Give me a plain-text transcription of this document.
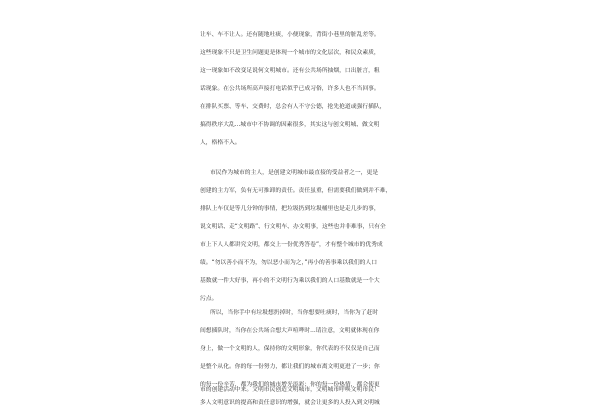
让车、车不让人。还有随地吐痰，小便现象，背街小巷里的脏乱差等。
这些现象不只是卫生问题更是体现一个城市的文化层次，和民众素质，
这一现象如不改变足说何文明城市。还有公共场所抽烟，口出脏言，粗
话现象。在公共场所高声接打电话似乎已成习俗，许多人也不当回事。
在排队买票、等车、交费时，总会有人不守公德，抢先抢道或强行插队，
搞得秩序大乱...城市中不协调的因素很多，其实这与创文明城、做文明
人，格格不入。
市民作为城市的主人，是创建文明城市最直接的受益者之一，更是
创建的主力军，负有无可推卸的责任。责任虽重，但需要我们做到并不难，
排队上车仅是等几分钟的事情，把垃圾扔到垃圾桶里也是走几步的事，
说文明话、走“文明路”、行文明车、办文明事，这些也并非难事，只有全
市上下人人都讲究文明，都交上一份优秀答卷”，才有整个城市的优秀成
绩。“勿以善小而不为，勿以恶小而为之，”再小的善事乘以我们的人口
基数就一件大好事，再小的不文明行为乘以我们的人口基数就是一个大
污点。
所以，当你手中有垃圾想扔掉时，当你想要吐痰时，当你为了赶时
间想插队时，当你在公共场合想大声喧哗时...请注意，文明就体现在你
身上，做一个文明的人，保持你的文明形象，你代表的不仅仅是自己而
是整个从化。你的每一份努力，都让我们的城市离文明更进了一步；你
的每一份辛苦，都为我们的城市增光添彩；你的每一份热情，都会使更
多人文明意识的提高和责任意识的增强，就会让更多的人投入到文明城
市的创建活动中来。文明市民创造文明城市，文明城市呼唤文明市民！
